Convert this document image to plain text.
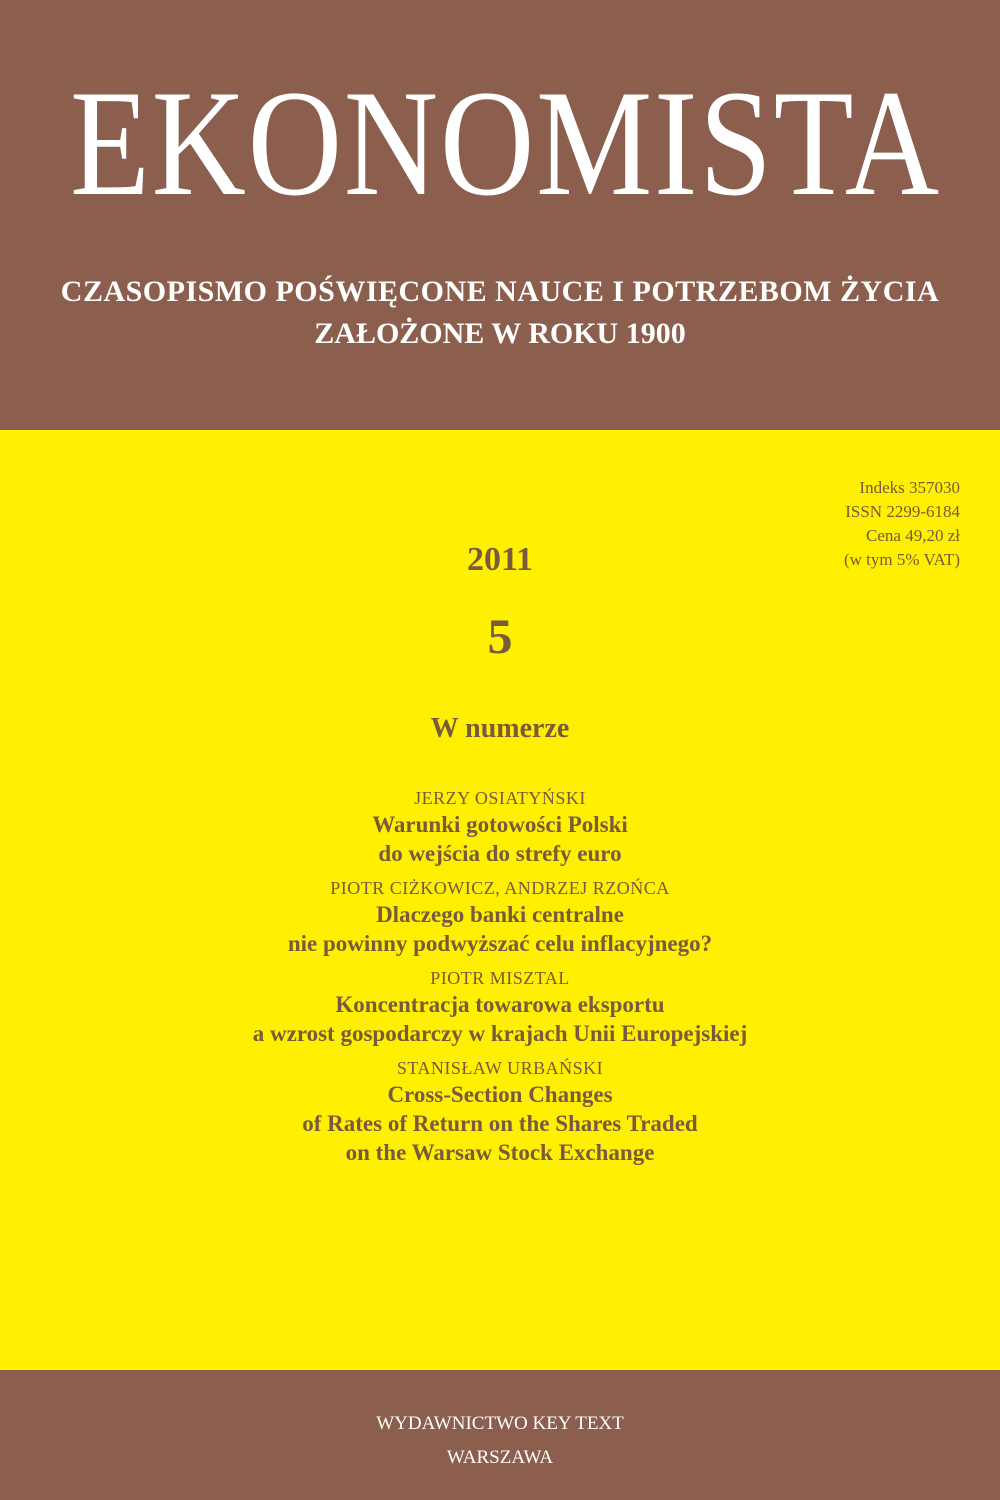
EKONOMISTA
CZASOPISMO POŚWIĘCONE NAUCE I POTRZEBOM ŻYCIA
ZAŁOŻONE W ROKU 1900
Indeks 357030
ISSN 2299-6184
Cena 49,20 zł
(w tym 5% VAT)
2011
5
W numerze
JERZY OSIATYŃSKI
Warunki gotowości Polski
do wejścia do strefy euro
PIOTR CIŻKOWICZ, ANDRZEJ RZOŃCA
Dlaczego banki centralne
nie powinny podwyższać celu inflacyjnego?
PIOTR MISZTAL
Koncentracja towarowa eksportu
a wzrost gospodarczy w krajach Unii Europejskiej
STANISŁAW URBAŃSKI
Cross-Section Changes
of Rates of Return on the Shares Traded
on the Warsaw Stock Exchange
WYDAWNICTWO KEY TEXT
WARSZAWA
